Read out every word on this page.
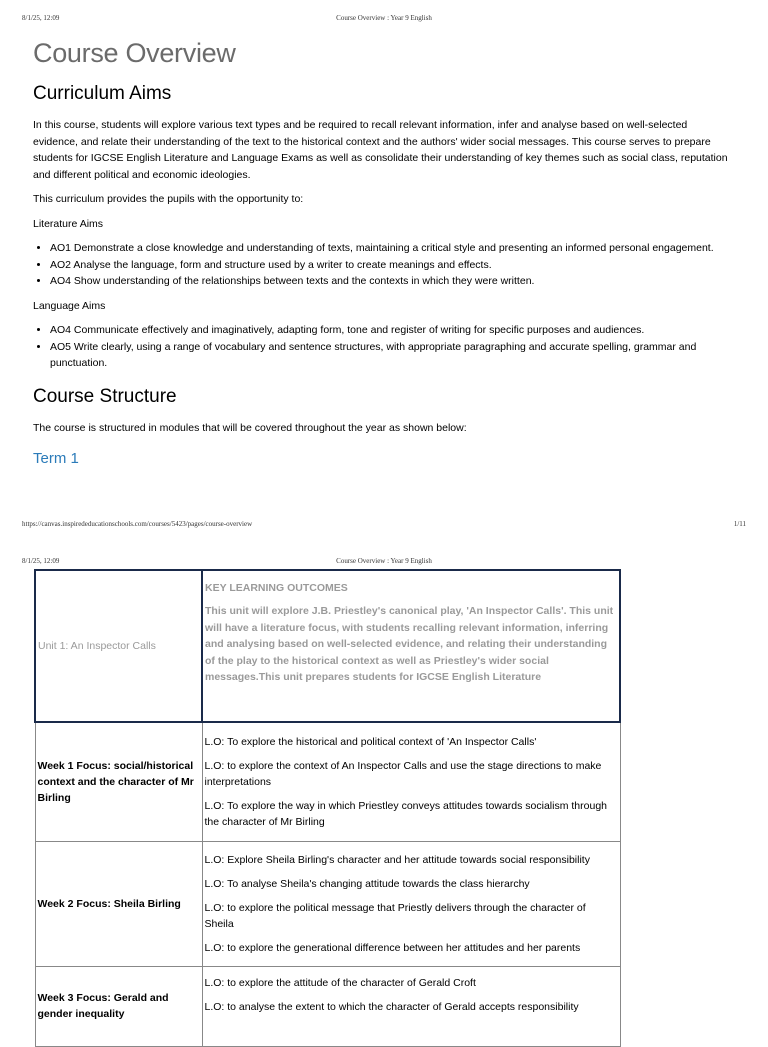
8/1/25, 12:09	Course Overview : Year 9 English
Course Overview
Curriculum Aims

In this course, students will explore various text types and be required to recall relevant information, infer and analyse based on well-selected evidence, and relate their understanding of the text to the historical context and the authors' wider social messages. This course serves to prepare students for IGCSE English Literature and Language Exams as well as consolidate their understanding of key themes such as social class, reputation and different political and economic ideologies.

This curriculum provides the pupils with the opportunity to:

Literature Aims

• AO1 Demonstrate a close knowledge and understanding of texts, maintaining a critical style and presenting an informed personal engagement.
• AO2 Analyse the language, form and structure used by a writer to create meanings and effects.
• AO4 Show understanding of the relationships between texts and the contexts in which they were written.

Language Aims

• AO4 Communicate effectively and imaginatively, adapting form, tone and register of writing for specific purposes and audiences.
• AO5 Write clearly, using a range of vocabulary and sentence structures, with appropriate paragraphing and accurate spelling, grammar and punctuation.
Course Structure

The course is structured in modules that will be covered throughout the year as shown below:

Term 1
https://canvas.inspirededucationschools.com/courses/5423/pages/course-overview	1/11
8/1/25, 12:09	Course Overview : Year 9 English
Unit 1: An Inspector Calls	KEY LEARNING OUTCOMES
This unit will explore J.B. Priestley's canonical play, 'An Inspector Calls'. This unit will have a literature focus, with students recalling relevant information, inferring and analysing based on well-selected evidence, and relating their understanding of the play to the historical context as well as Priestley's wider social messages.This unit prepares students for IGCSE English Literature

Week 1 Focus: social/historical context and the character of Mr Birling	L.O: To explore the historical and political context of 'An Inspector Calls'
L.O: to explore the context of An Inspector Calls and use the stage directions to make interpretations
L.O: To explore the way in which Priestley conveys attitudes towards socialism through the character of Mr Birling

Week 2 Focus: Sheila Birling	L.O: Explore Sheila Birling's character and her attitude towards social responsibility
L.O: To analyse Sheila's changing attitude towards the class hierarchy
L.O: to explore the political message that Priestly delivers through the character of Sheila
L.O: to explore the generational difference between her attitudes and her parents

Week 3 Focus: Gerald and gender inequality	L.O: to explore the attitude of the character of Gerald Croft
L.O: to analyse the extent to which the character of Gerald accepts responsibility
